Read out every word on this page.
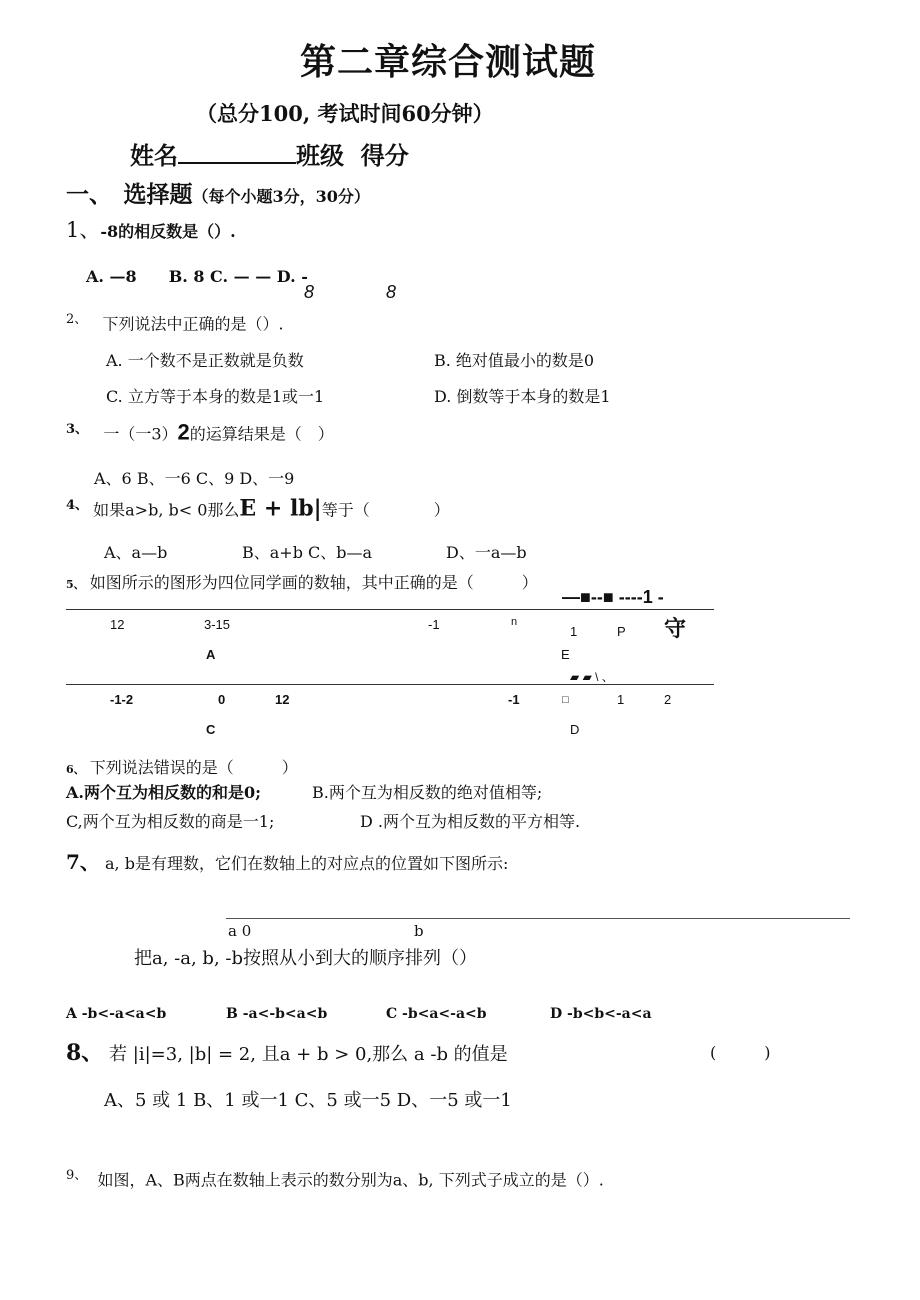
第二章综合测试题
（总分100, 考试时间60分钟）
姓名	班级 得分
一、　选择题（每个小题3分，30分）
1、-8的相反数是（）.
A. —8　　B. 8 C. — — D. -
8	8
$^{2、}$ 下列说法中正确的是（）.
A. 一个数不是正数就是负数	B. 绝对值最小的数是0
C. 立方等于本身的数是1或一1	D. 倒数等于本身的数是1
$^{3、}$ 一（一3）2的运算结果是（　）
A、6 B、一6 C、9 D、一9
$^{4、}$ 如果a>b, b< 0那么E + lb|等于（　　　　）
A、a—b	B、a+b C、b—a	D、一a—b
5、 如图所示的图形为四位同学画的数轴，其中正确的是（　　　）
—■--■ ----1 -
12	3-15	-1	n
1	P 守
A	E
▰ ▰ \ 、
-1-2	0	12	-1	□	1	2
C	D
6、 下列说法错误的是（　　　）
A.两个互为相反数的和是0;	B.两个互为相反数的绝对值相等;
C,两个互为相反数的商是一1;	D .两个互为相反数的平方相等.
7、 a, b是有理数，它们在数轴上的对应点的位置如下图所示:
a 0	b
把a, -a, b, -b按照从小到大的顺序排列（）
A -b<-a<a<b	B -a<-b<a<b	C -b<a<-a<b	D -b<b<-a<a
8、 若 |i|=3, |b| = 2, 且a + b > 0,那么 a -b 的值是	(　　　)
A、5 或 1 B、1 或一1 C、5 或一5 D、一5 或一1
$^{9、}$ 如图，A、B两点在数轴上表示的数分别为a、b, 下列式子成立的是（）.
